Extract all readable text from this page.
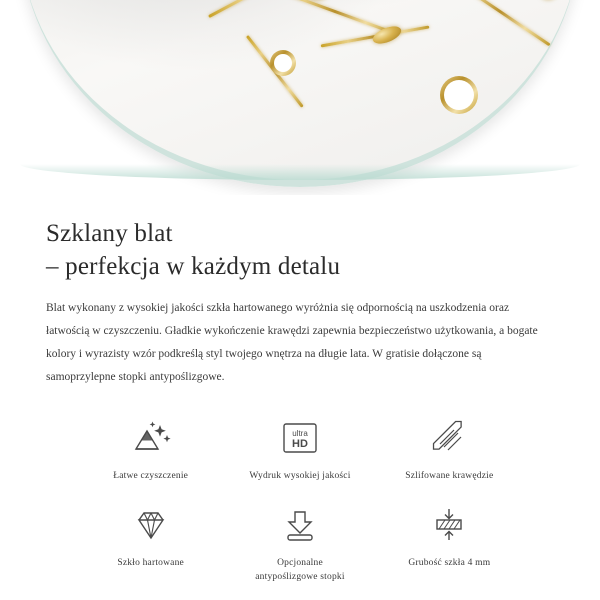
Szklany blat
– perfekcja w każdym detalu

Blat wykonany z wysokiej jakości szkła hartowanego wyróżnia się odpornością na uszkodzenia oraz łatwością w czyszczeniu. Gładkie wykończenie krawędzi zapewnia bezpieczeństwo użytkowania, a bogate kolory i wyrazisty wzór podkreślą styl twojego wnętrza na długie lata. W gratisie dołączone są samoprzylepne stopki antypoślizgowe.

Łatwe czyszczenie
ultra
HD
Wydruk wysokiej jakości	Szlifowane krawędzie
Szkło hartowane	Opcjonalne
antypoślizgowe stopki
Grubość szkła 4 mm
